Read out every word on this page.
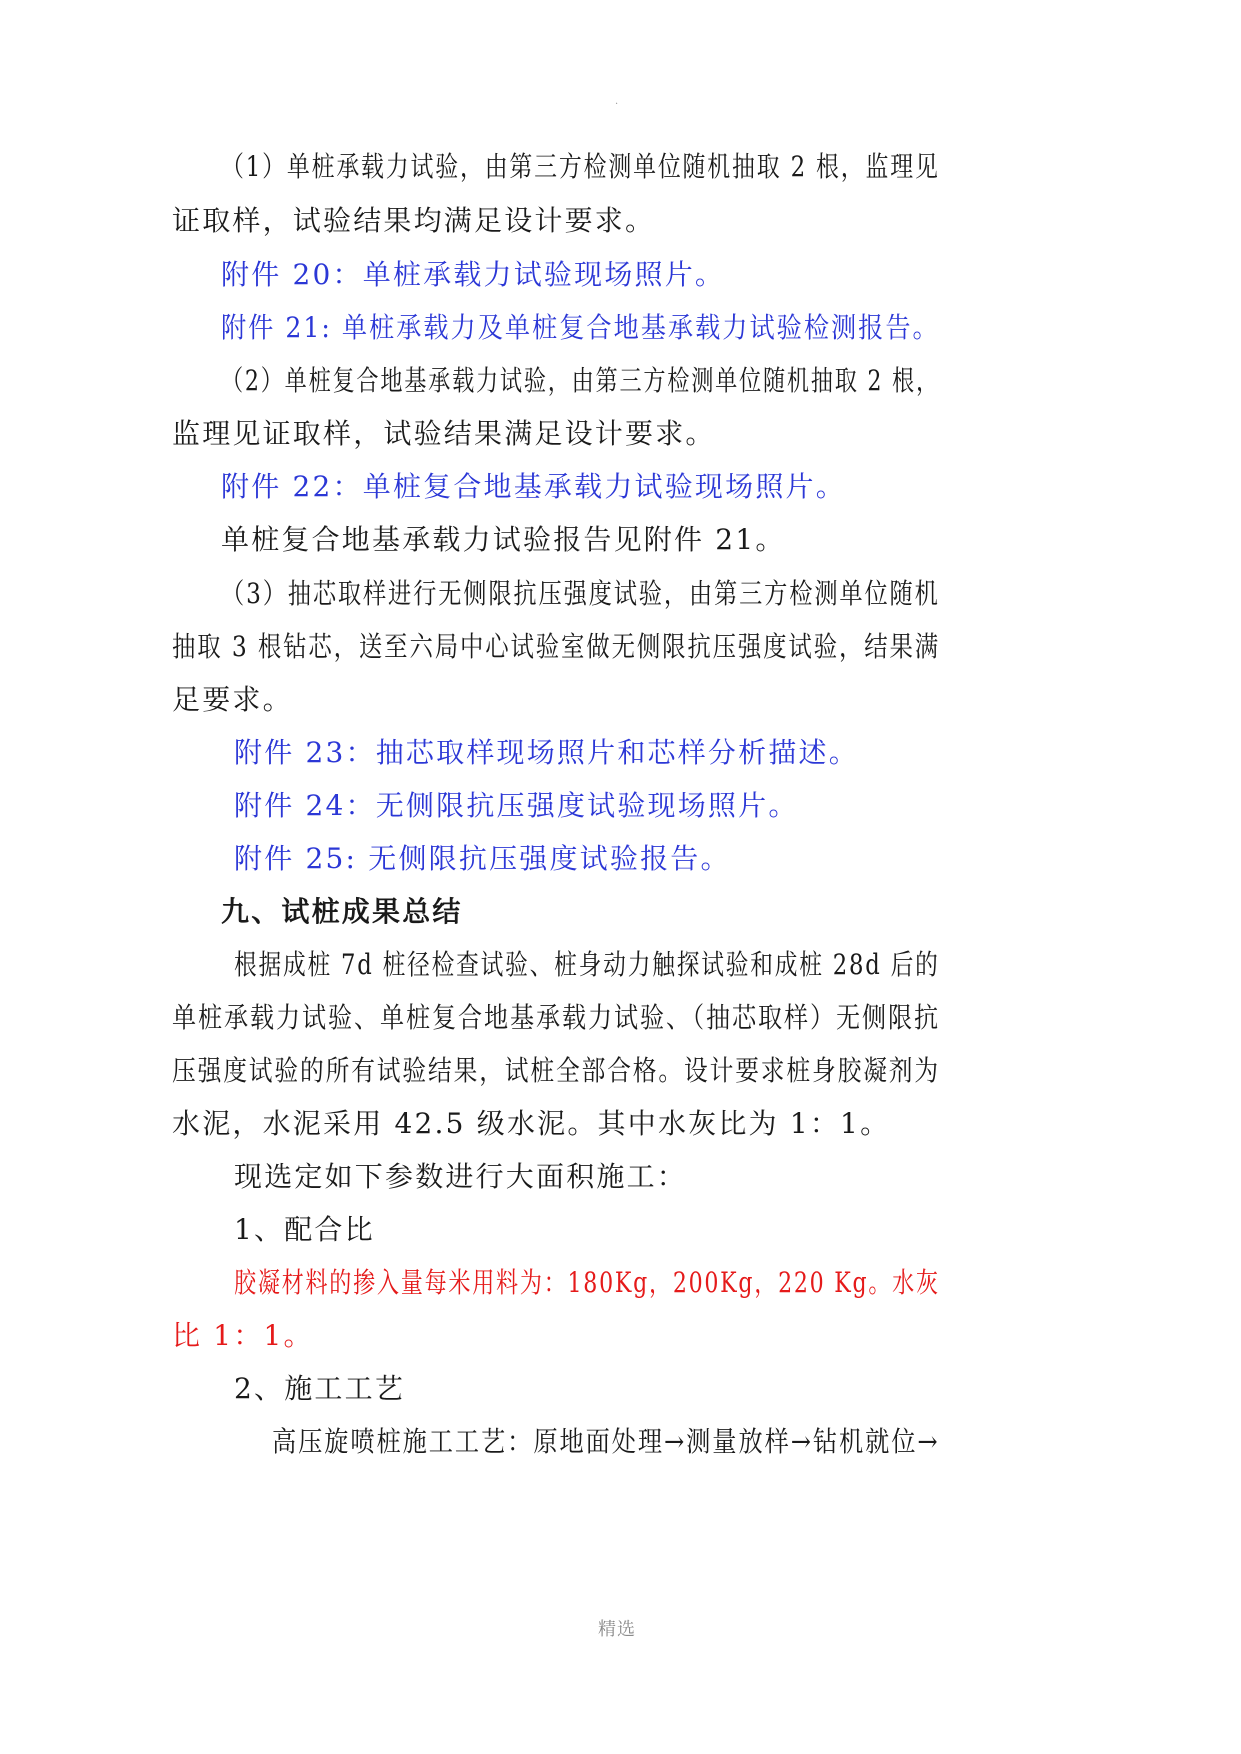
.
（1）单桩承载力试验，由第三方检测单位随机抽取 2 根，监理见
证取样，试验结果均满足设计要求。
附件 20：单桩承载力试验现场照片。
附件 21: 单桩承载力及单桩复合地基承载力试验检测报告。
（2）单桩复合地基承载力试验，由第三方检测单位随机抽取 2 根，
监理见证取样，试验结果满足设计要求。
附件 22：单桩复合地基承载力试验现场照片。
单桩复合地基承载力试验报告见附件 21。
（3）抽芯取样进行无侧限抗压强度试验，由第三方检测单位随机
抽取 3 根钻芯，送至六局中心试验室做无侧限抗压强度试验，结果满
足要求。
附件 23：抽芯取样现场照片和芯样分析描述。
附件 24：无侧限抗压强度试验现场照片。
附件 25: 无侧限抗压强度试验报告。
九、试桩成果总结
根据成桩 7d 桩径检查试验、桩身动力触探试验和成桩 28d 后的
单桩承载力试验、单桩复合地基承载力试验、（抽芯取样）无侧限抗
压强度试验的所有试验结果，试桩全部合格。设计要求桩身胶凝剂为
水泥，水泥采用 42.5 级水泥。其中水灰比为 1：1。
现选定如下参数进行大面积施工：
1、配合比
胶凝材料的掺入量每米用料为：180Kg，200Kg，220 Kg。水灰
比 1：1。
2、施工工艺
高压旋喷桩施工工艺：原地面处理→测量放样→钻机就位→
精选
